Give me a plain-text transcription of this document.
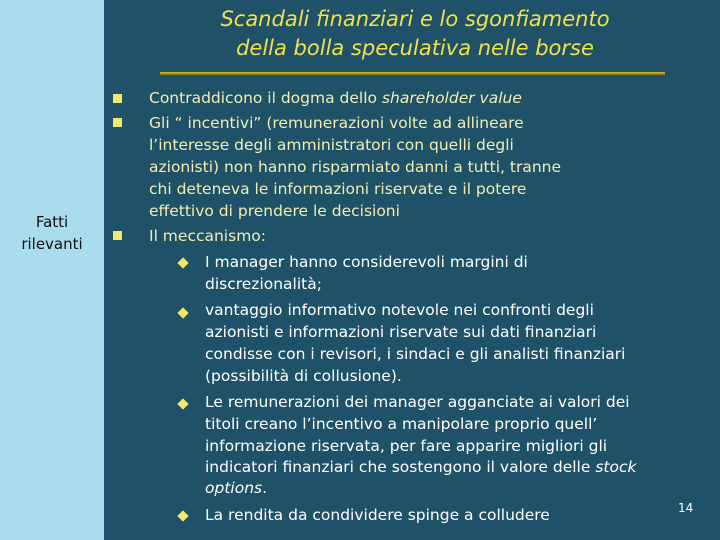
Fatti
rilevanti
Scandali finanziari e lo sgonfiamento
della bolla speculativa nelle borse
Contraddicono il dogma dello shareholder value
Gli “ incentivi” (remunerazioni volte ad allineare
l’interesse degli amministratori con quelli degli
azionisti) non hanno risparmiato danni a tutti, tranne
chi deteneva le informazioni riservate e il potere
effettivo di prendere le decisioni
Il meccanismo:
I manager hanno considerevoli margini di
discrezionalità;
vantaggio informativo notevole nei confronti degli
azionisti e informazioni riservate sui dati finanziari
condisse con i revisori, i sindaci e gli analisti finanziari
(possibilità di collusione).
Le remunerazioni dei manager agganciate ai valori dei
titoli creano l’incentivo a manipolare proprio quell’
informazione riservata, per fare apparire migliori gli
indicatori finanziari che sostengono il valore delle stock
options.
La rendita da condividere spinge a colludere	14
